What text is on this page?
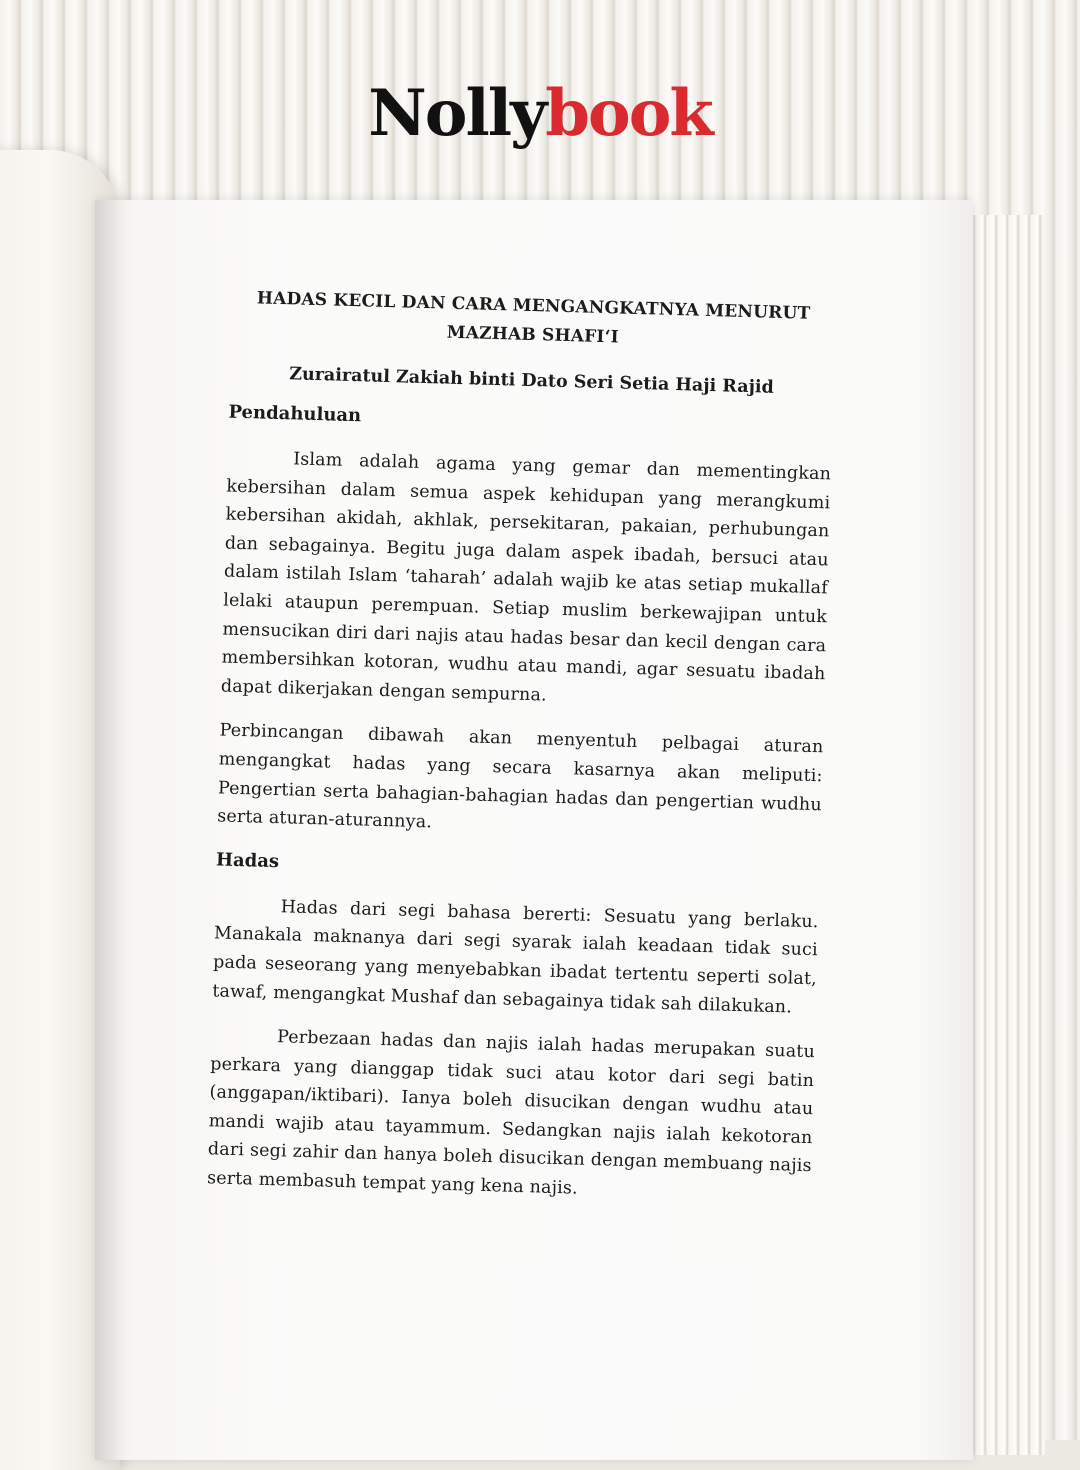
Nollybook

HADAS KECIL DAN CARA MENGANGKATNYA MENURUT
MAZHAB SHAFI‘I

Zurairatul Zakiah binti Dato Seri Setia Haji Rajid

Pendahuluan

Islam adalah agama yang gemar dan mementingkan kebersihan dalam semua aspek kehidupan yang merangkumi kebersihan akidah, akhlak, persekitaran, pakaian, perhubungan dan sebagainya. Begitu juga dalam aspek ibadah, bersuci atau dalam istilah Islam ‘taharah’ adalah wajib ke atas setiap mukallaf lelaki ataupun perempuan. Setiap muslim berkewajipan untuk mensucikan diri dari najis atau hadas besar dan kecil dengan cara membersihkan kotoran, wudhu atau mandi, agar sesuatu ibadah dapat dikerjakan dengan sempurna.

Perbincangan dibawah akan menyentuh pelbagai aturan mengangkat hadas yang secara kasarnya akan meliputi: Pengertian serta bahagian-bahagian hadas dan pengertian wudhu serta aturan-aturannya.

Hadas

Hadas dari segi bahasa bererti: Sesuatu yang berlaku. Manakala maknanya dari segi syarak ialah keadaan tidak suci pada seseorang yang menyebabkan ibadat tertentu seperti solat, tawaf, mengangkat Mushaf dan sebagainya tidak sah dilakukan.

Perbezaan hadas dan najis ialah hadas merupakan suatu perkara yang dianggap tidak suci atau kotor dari segi batin (anggapan/iktibari). Ianya boleh disucikan dengan wudhu atau mandi wajib atau tayammum. Sedangkan najis ialah kekotoran dari segi zahir dan hanya boleh disucikan dengan membuang najis serta membasuh tempat yang kena najis.
